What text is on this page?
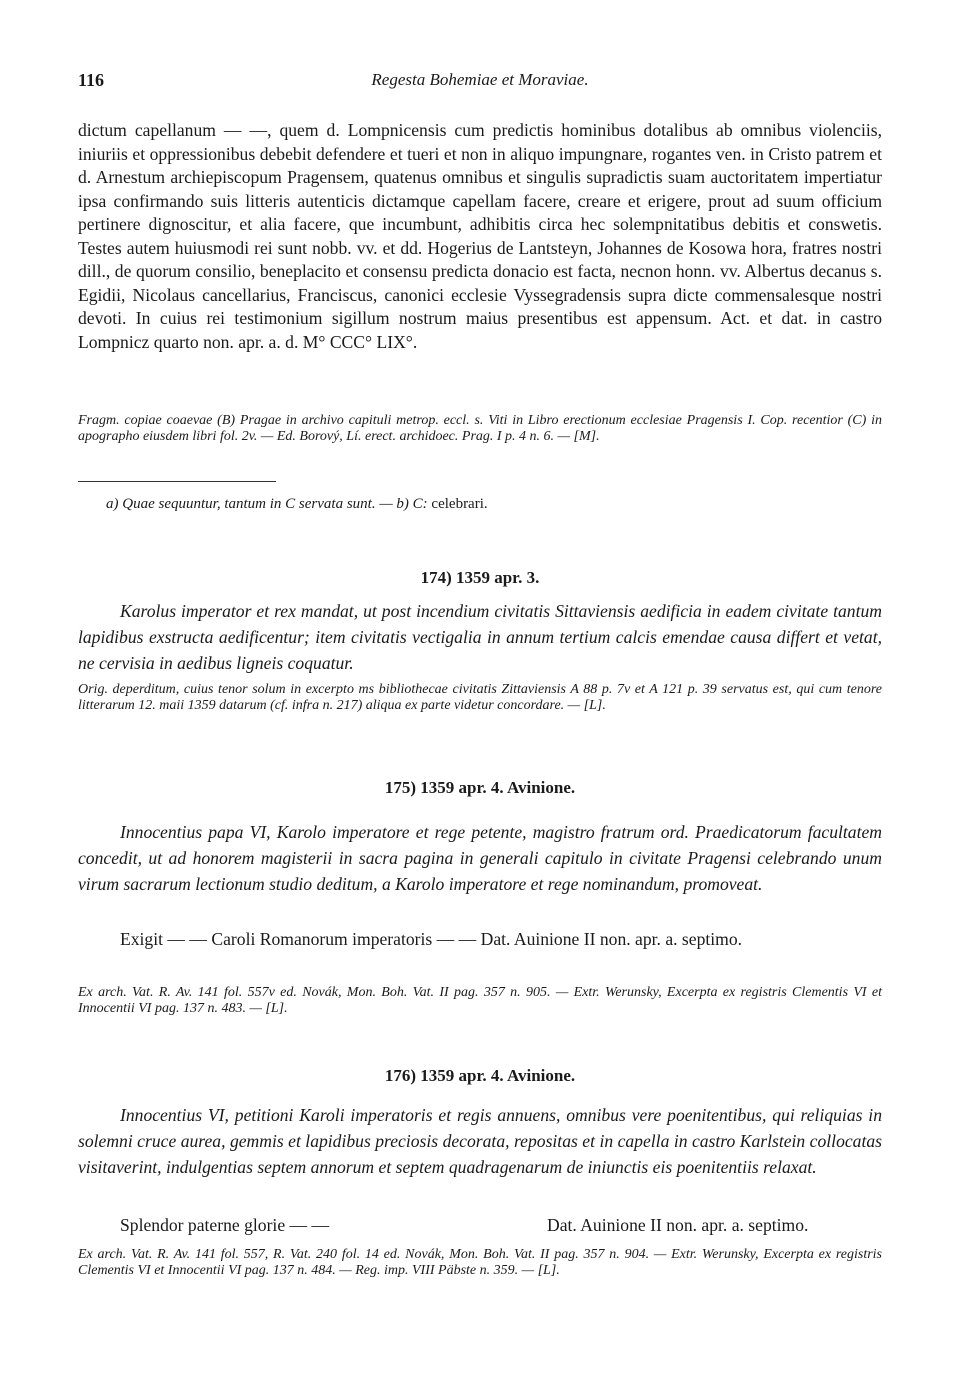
116	Regesta Bohemiae et Moraviae.

dictum capellanum — —, quem d. Lompnicensis cum predictis hominibus dotalibus ab omnibus violenciis, iniuriis et oppressionibus debebit defendere et tueri et non in aliquo impungnare, rogantes ven. in Cristo patrem et d. Arnestum archiepiscopum Pragensem, quatenus omnibus et singulis supradictis suam auctoritatem impertiatur ipsa confirmando suis litteris autenticis dictamque capellam facere, creare et erigere, prout ad suum officium pertinere dignoscitur, et alia facere, que incumbunt, adhibitis circa hec solempnitatibus debitis et conswetis. Testes autem huiusmodi rei sunt nobb. vv. et dd. Hogerius de Lantsteyn, Johannes de Kosowa hora, fratres nostri dill., de quorum consilio, beneplacito et consensu predicta donacio est facta, necnon honn. vv. Albertus decanus s. Egidii, Nicolaus cancellarius, Franciscus, canonici ecclesie Vyssegradensis supra dicte commensalesque nostri devoti. In cuius rei testimonium sigillum nostrum maius presentibus est appensum. Act. et dat. in castro Lompnicz quarto non. apr. a. d. M° CCC° LIX°.

Fragm. copiae coaevae (B) Pragae in archivo capituli metrop. eccl. s. Viti in Libro erectionum ecclesiae Pragensis I. Cop. recentior (C) in apographo eiusdem libri fol. 2v. — Ed. Borový, Lí. erect. archidoec. Prag. I p. 4 n. 6. — [M].

a) Quae sequuntur, tantum in C servata sunt. — b) C: celebrari.

174) 1359 apr. 3.

Karolus imperator et rex mandat, ut post incendium civitatis Sittaviensis aedificia in eadem civitate tantum lapidibus exstructa aedificentur; item civitatis vectigalia in annum tertium calcis emendae causa differt et vetat, ne cervisia in aedibus ligneis coquatur.

Orig. deperditum, cuius tenor solum in excerpto ms bibliothecae civitatis Zittaviensis A 88 p. 7v et A 121 p. 39 servatus est, qui cum tenore litterarum 12. maii 1359 datarum (cf. infra n. 217) aliqua ex parte videtur concordare. — [L].

175) 1359 apr. 4. Avinione.

Innocentius papa VI, Karolo imperatore et rege petente, magistro fratrum ord. Praedicatorum facultatem concedit, ut ad honorem magisterii in sacra pagina in generali capitulo in civitate Pragensi celebrando unum virum sacrarum lectionum studio deditum, a Karolo imperatore et rege nominandum, promoveat.

Exigit — — Caroli Romanorum imperatoris — — Dat. Auinione II non. apr. a. septimo.

Ex arch. Vat. R. Av. 141 fol. 557v ed. Novák, Mon. Boh. Vat. II pag. 357 n. 905. — Extr. Werunsky, Excerpta ex registris Clementis VI et Innocentii VI pag. 137 n. 483. — [L].

176) 1359 apr. 4. Avinione.

Innocentius VI, petitioni Karoli imperatoris et regis annuens, omnibus vere poenitentibus, qui reliquias in solemni cruce aurea, gemmis et lapidibus preciosis decorata, repositas et in capella in castro Karlstein collocatas visitaverint, indulgentias septem annorum et septem quadragenarum de iniunctis eis poenitentiis relaxat.

Splendor paterne glorie — —	Dat. Auinione II non. apr. a. septimo.

Ex arch. Vat. R. Av. 141 fol. 557, R. Vat. 240 fol. 14 ed. Novák, Mon. Boh. Vat. II pag. 357 n. 904. — Extr. Werunsky, Excerpta ex registris Clementis VI et Innocentii VI pag. 137 n. 484. — Reg. imp. VIII Päbste n. 359. — [L].
